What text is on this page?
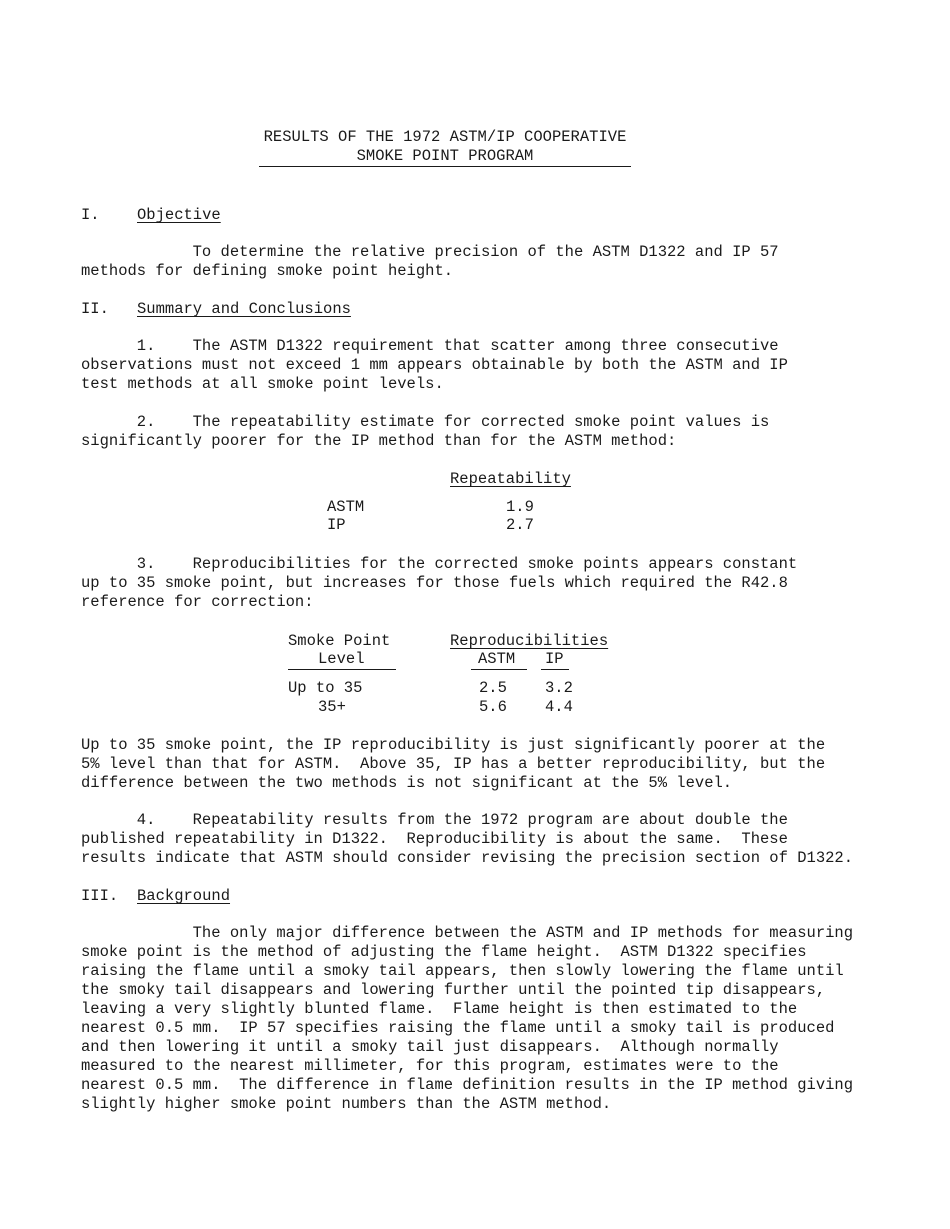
RESULTS OF THE 1972 ASTM/IP COOPERATIVE
SMOKE POINT PROGRAM
I. Objective
To determine the relative precision of the ASTM D1322 and IP 57
methods for defining smoke point height.
II. Summary and Conclusions
1.    The ASTM D1322 requirement that scatter among three consecutive
observations must not exceed 1 mm appears obtainable by both the ASTM and IP
test methods at all smoke point levels.
2.    The repeatability estimate for corrected smoke point values is
significantly poorer for the IP method than for the ASTM method:
Repeatability
ASTM	1.9
IP	2.7
3.    Reproducibilities for the corrected smoke points appears constant
up to 35 smoke point, but increases for those fuels which required the R42.8
reference for correction:
Smoke Point
Level
Reproducibilities
ASTM IP
Up to 35	2.5 3.2
35+	5.6 4.4
Up to 35 smoke point, the IP reproducibility is just significantly poorer at the
5% level than that for ASTM.  Above 35, IP has a better reproducibility, but the
difference between the two methods is not significant at the 5% level.
4.    Repeatability results from the 1972 program are about double the
published repeatability in D1322.  Reproducibility is about the same.  These
results indicate that ASTM should consider revising the precision section of D1322.
III. Background
The only major difference between the ASTM and IP methods for measuring
smoke point is the method of adjusting the flame height.  ASTM D1322 specifies
raising the flame until a smoky tail appears, then slowly lowering the flame until
the smoky tail disappears and lowering further until the pointed tip disappears,
leaving a very slightly blunted flame.  Flame height is then estimated to the
nearest 0.5 mm.  IP 57 specifies raising the flame until a smoky tail is produced
and then lowering it until a smoky tail just disappears.  Although normally
measured to the nearest millimeter, for this program, estimates were to the
nearest 0.5 mm.  The difference in flame definition results in the IP method giving
slightly higher smoke point numbers than the ASTM method.
